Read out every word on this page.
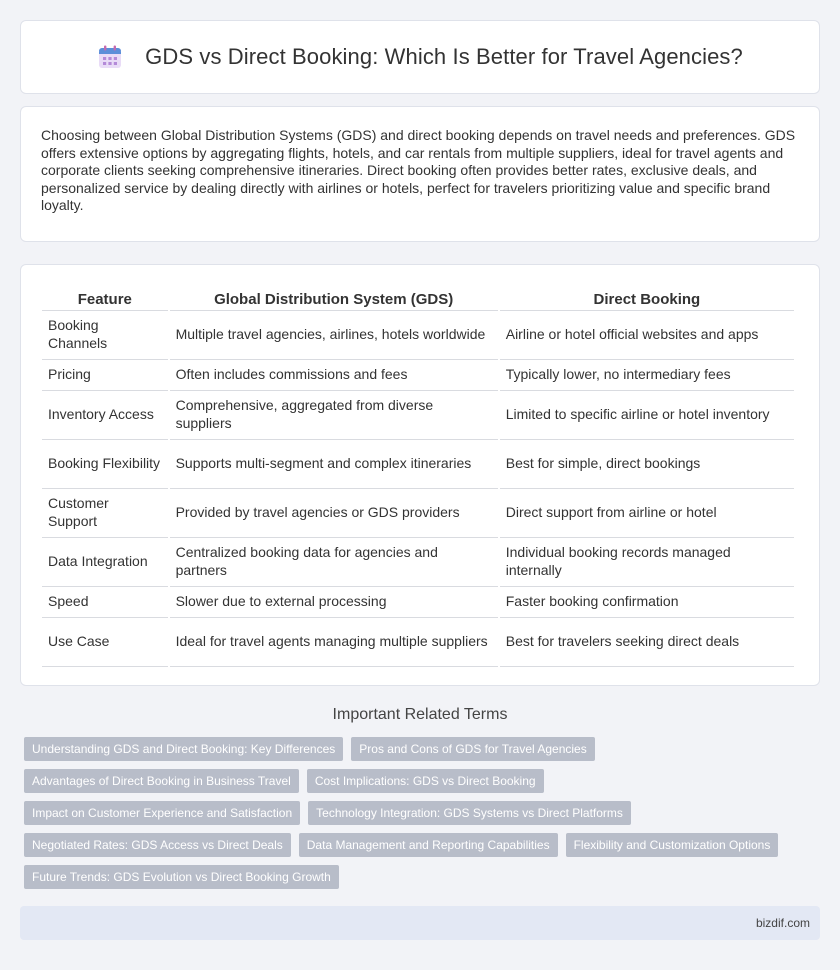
GDS vs Direct Booking: Which Is Better for Travel Agencies?

Choosing between Global Distribution Systems (GDS) and direct booking depends on travel needs and preferences. GDS offers extensive options by aggregating flights, hotels, and car rentals from multiple suppliers, ideal for travel agents and corporate clients seeking comprehensive itineraries. Direct booking often provides better rates, exclusive deals, and personalized service by dealing directly with airlines or hotels, perfect for travelers prioritizing value and specific brand loyalty.

Feature	Global Distribution System (GDS)	Direct Booking
Booking Channels	Multiple travel agencies, airlines, hotels worldwide	Airline or hotel official websites and apps
Pricing	Often includes commissions and fees	Typically lower, no intermediary fees
Inventory Access	Comprehensive, aggregated from diverse suppliers	Limited to specific airline or hotel inventory
Booking Flexibility	Supports multi-segment and complex itineraries	Best for simple, direct bookings
Customer Support	Provided by travel agencies or GDS providers	Direct support from airline or hotel
Data Integration	Centralized booking data for agencies and partners	Individual booking records managed internally
Speed	Slower due to external processing	Faster booking confirmation
Use Case	Ideal for travel agents managing multiple suppliers	Best for travelers seeking direct deals
Important Related Terms
Understanding GDS and Direct Booking: Key Differences	Pros and Cons of GDS for Travel Agencies
Advantages of Direct Booking in Business Travel	Cost Implications: GDS vs Direct Booking
Impact on Customer Experience and Satisfaction	Technology Integration: GDS Systems vs Direct Platforms
Negotiated Rates: GDS Access vs Direct Deals	Data Management and Reporting Capabilities	Flexibility and Customization Options
Future Trends: GDS Evolution vs Direct Booking Growth
bizdif.com
